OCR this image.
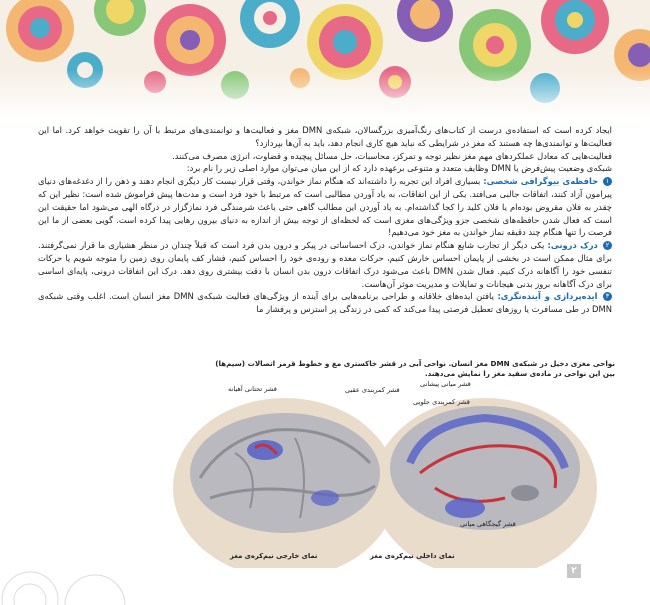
ایجاد کرده است که استفاده‌ی درست از کتاب‌های رنگ‌آمیزی بزرگسالان، شبکه‌ی DMN مغز و فعالیت‌ها و توانمندی‌های مرتبط با آن را تقویت خواهد کرد. اما این فعالیت‌ها و توانمندی‌ها چه هستند که مغز در شرایطی که نباید هیچ کاری انجام دهد، باید به آن‌ها بپردازد؟

فعالیت‌هایی که معادل عملکردهای مهم مغز نظیر توجه و تمرکز، محاسبات، حل مسائل پیچیده و قضاوت، انرژی مصرف می‌کنند.

شبکه‌ی وضعیت پیش‌فرض یا DMN وظایف متعدد و متنوعی برعهده دارد که از این میان می‌توان موارد اصلی زیر را نام برد:

۱ حافظه‌ی بیوگرافی شخصی: بسیاری افراد این تجربه را داشته‌اند که هنگام نماز خواندن، وقتی قرار نیست کار دیگری انجام دهند و ذهن را از دغدغه‌های دنیای پیرامون آزاد کنند، اتفاقات جالبی می‌افتد. یکی از این اتفاقات، به یاد آوردن مطالبی است که مرتبط با خود فرد است و مدت‌ها پیش فراموش شده است: نظیر این که چقدر به فلان مقروض بوده‌ام یا فلان کلید را کجا گذاشته‌ام. به یاد آوردن این مطالب گاهی حتی باعث شرمندگی فرد نمازگزار در درگاه الهی می‌شود اما حقیقت این است که فعال شدن حافظه‌های شخصی جزو ویژگی‌های مغزی است که لحظه‌ای از توجه بیش از اندازه به دنیای بیرون رهایی پیدا کرده است. گویی بعضی از ما این فرصت را تنها هنگام چند دقیقه نماز خواندن به مغز خود می‌دهیم!

۲ درک درونی: یکی دیگر از تجارب شایع هنگام نماز خواندن، درک احساساتی در پیکر و درون بدن فرد است که قبلاً چندان در منظر هشیاری ما قرار نمی‌گرفتند. برای مثال ممکن است در بخشی از پایمان احساس خارش کنیم، حرکات معده و روده‌ی خود را احساس کنیم، فشار کف پایمان روی زمین را متوجه شویم یا حرکات تنفسی خود را آگاهانه درک کنیم. فعال شدن DMN باعث می‌شود درک اتفاقات درون بدن انسان با دقت بیشتری روی دهد. درک این اتفاقات درونی، پایه‌ای اساسی برای درک آگاهانه بروز بدنی هیجانات و تمایلات و مدیریت موثر آن‌هاست.

۳ ایده‌پردازی و آینده‌نگری: یافتن ایده‌های خلاقانه و طراحی برنامه‌هایی برای آینده از ویژگی‌های فعالیت شبکه‌ی DMN مغز انسان است. اغلب وقتی شبکه‌ی DMN در طی مسافرت یا روزهای تعطیل فرصتی پیدا می‌کند که کمی در زندگی پر استرس و پرفشار ما

نواحی مغزی دخیل در شبکه‌ی DMN مغز انسان. نواحی آبی در قشر خاکستری مغ و خطوط قرمز اتصالات (سیم‌ها)
بین این نواحی در ماده‌ی سفید مغز را نمایش می‌دهند.
قشر میانی پیشانی
قشر کمربندی جلویی
قشر کمربندی عقبی
قشر گیجگاهی میانی
قشر تحتانی آهیانه
نمای خارجی نیم‌کره‌ی مغز	نمای داخلی نیم‌کره‌ی مغز
۲
